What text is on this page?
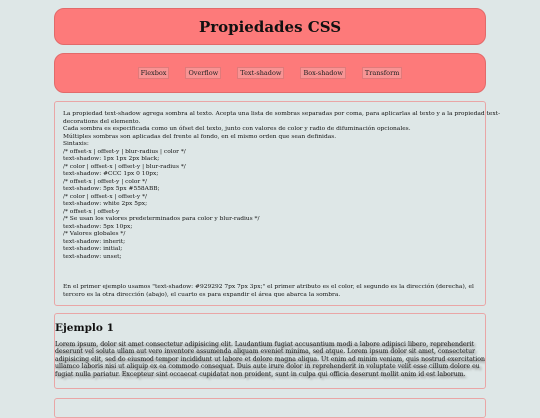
Propiedades CSS
Flexbox	Overflow	Text-shadow	Box-shadow	Transform
La propiedad text-shadow agrega sombra al texto. Acepta una lista de sombras separadas por coma, para aplicarlas al texto y a la propiedad text-
decorations del elemento.
Cada sombra es especificada como un ófset del texto, junto con valores de color y radio de difuminación opcionales.
Múltiples sombras son aplicadas del frente al fondo, en el mismo orden que sean definidas.
Sintaxis:
/* offset-x | offset-y | blur-radius | color */
text-shadow: 1px 1px 2px black;
/* color | offset-x | offset-y | blur-radius */
text-shadow: #CCC 1px 0 10px;
/* offset-x | offset-y | color */
text-shadow: 5px 5px #558ABB;
/* color | offset-x | offset-y */
text-shadow: white 2px 5px;
/* offset-x | offset-y
/* Se usan los valores predeterminados para color y blur-radius */
text-shadow: 5px 10px;
/* Valores globales */
text-shadow: inherit;
text-shadow: initial;
text-shadow: unset;
En el primer ejemplo usamos "text-shadow: #929292 7px 7px 3px;" el primer atributo es el color, el segundo es la dirección (derecha), el tercero es la otra dirección (abajo), el cuarto es para expandir el área que abarca la sombra.
Ejemplo 1

Lorem ipsum, dolor sit amet consectetur adipisicing elit. Laudantium fugiat accusantium modi a labore adipisci libero, reprehenderit deserunt vel soluta ullam aut vero inventore assumenda aliquam eveniet minima, sed atque. Lorem ipsum dolor sit amet, consectetur adipisicing elit, sed do eiusmod tempor incididunt ut labore et dolore magna aliqua. Ut enim ad minim veniam, quis nostrud exercitation ullamco laboris nisi ut aliquip ex ea commodo consequat. Duis aute irure dolor in reprehenderit in voluptate velit esse cillum dolore eu fugiat nulla pariatur. Excepteur sint occaecat cupidatat non proident, sunt in culpa qui officia deserunt mollit anim id est laborum.
